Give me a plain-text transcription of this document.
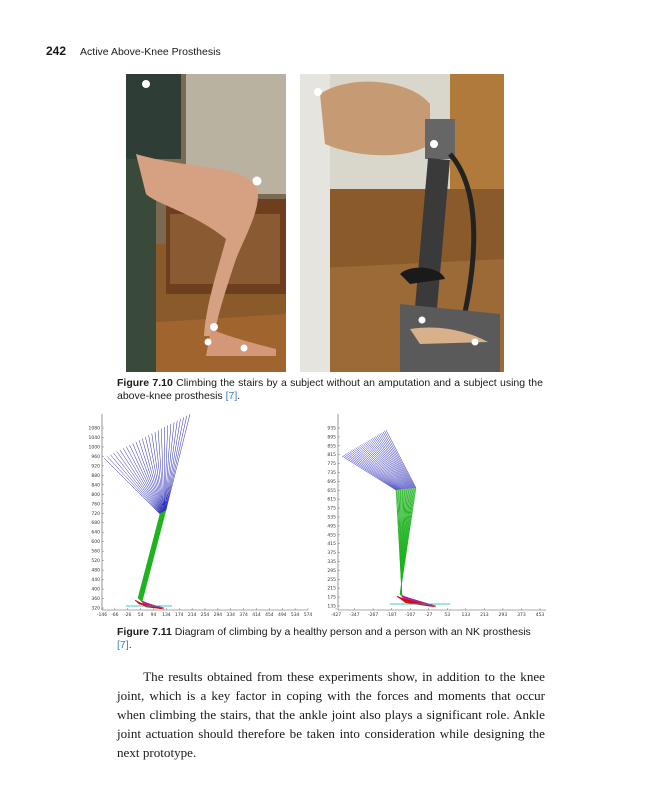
242 Active Above-Knee Prosthesis
Figure 7.10 Climbing the stairs by a subject without an amputation and a subject using the above-knee prosthesis [7].
1080
1040
1000
960
920
880
840
800
760
720
680
640
600
560
520
480
440
400
360
320
-146 -66 -26 54 94 134 174 214 254 294 334 374 414 454 494 534 574
935
895
855
815
775
735
695
655
615
575
535
495
455
415
375
335
295
255
215
175
135
-427 -347 -267 -187 -107 -27	53	133 213 293 373 453
Figure 7.11 Diagram of climbing by a healthy person and a person with an NK prosthesis [7].

The results obtained from these experiments show, in addition to the knee joint, which is a key factor in coping with the forces and moments that occur when climbing the stairs, that the ankle joint also plays a significant role. Ankle joint actuation should therefore be taken into consideration while designing the next prototype.
